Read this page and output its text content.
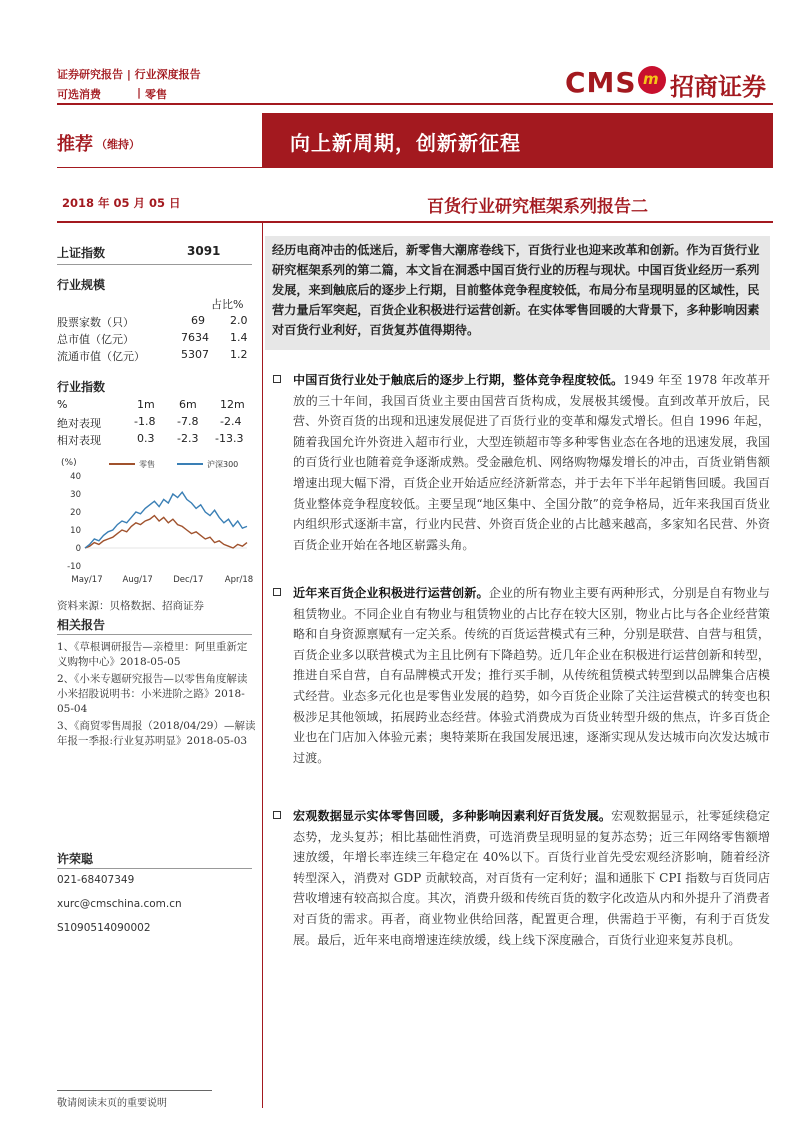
证券研究报告 | 行业深度报告
可选消费	| 零售	CMS m 招商证券
推荐 （维持）	向上新周期，创新新征程
2018 年 05 月 05 日	百货行业研究框架系列报告二
上证指数	3091
行业规模
占比%
股票家数（只）	69 2.0
总市值（亿元）	7634 1.4
流通市值（亿元）	5307 1.2
行业指数
%	1m 6m 12m
绝对表现	-1.8 -7.8 -2.4
相对表现	0.3 -2.3 -13.3
(%)	零售	沪深300
40
30
20
10
0
-10
May/17 Aug/17 Dec/17	Apr/18
资料来源：贝格数据、招商证券
相关报告
1、《草根调研报告—亲橙里：阿里重新定义购物中心》2018-05-05
2、《小米专题研究报告—以零售角度解读小米招股说明书：小米进阶之路》2018-05-04
3、《商贸零售周报（2018/04/29）—解读年报一季报:行业复苏明显》2018-05-03
许荣聪
021-68407349
xurc@cmschina.com.cn
S1090514090002
经历电商冲击的低迷后，新零售大潮席卷线下，百货行业也迎来改革和创新。作为百货行业研究框架系列的第二篇，本文旨在洞悉中国百货行业的历程与现状。中国百货业经历一系列发展，来到触底后的逐步上行期，目前整体竞争程度较低，布局分布呈现明显的区域性，民营力量后军突起，百货企业积极进行运营创新。在实体零售回暖的大背景下，多种影响因素对百货行业利好，百货复苏值得期待。

中国百货行业处于触底后的逐步上行期，整体竞争程度较低。1949 年至 1978 年改革开放的三十年间，我国百货业主要由国营百货构成，发展极其缓慢。直到改革开放后，民营、外资百货的出现和迅速发展促进了百货行业的变革和爆发式增长。但自 1996 年起，随着我国允许外资进入超市行业，大型连锁超市等多种零售业态在各地的迅速发展，我国的百货行业也随着竞争逐渐成熟。受金融危机、网络购物爆发增长的冲击，百货业销售额增速出现大幅下滑，百货企业开始适应经济新常态，并于去年下半年起销售回暖。我国百货业整体竞争程度较低。主要呈现“地区集中、全国分散”的竞争格局，近年来我国百货业内组织形式逐渐丰富，行业内民营、外资百货企业的占比越来越高，多家知名民营、外资百货企业开始在各地区崭露头角。

近年来百货企业积极进行运营创新。企业的所有物业主要有两种形式，分别是自有物业与租赁物业。不同企业自有物业与租赁物业的占比存在较大区别，物业占比与各企业经营策略和自身资源禀赋有一定关系。传统的百货运营模式有三种，分别是联营、自营与租赁，百货企业多以联营模式为主且比例有下降趋势。近几年企业在积极进行运营创新和转型，推进自采自营，自有品牌模式开发；推行买手制，从传统租赁模式转型到以品牌集合店模式经营。业态多元化也是零售业发展的趋势，如今百货企业除了关注运营模式的转变也积极涉足其他领域，拓展跨业态经营。体验式消费成为百货业转型升级的焦点，许多百货企业也在门店加入体验元素；奥特莱斯在我国发展迅速，逐渐实现从发达城市向次发达城市过渡。

宏观数据显示实体零售回暖，多种影响因素利好百货发展。宏观数据显示，社零延续稳定态势，龙头复苏；相比基础性消费，可选消费呈现明显的复苏态势；近三年网络零售额增速放缓，年增长率连续三年稳定在 40%以下。百货行业首先受宏观经济影响，随着经济转型深入，消费对 GDP 贡献较高，对百货有一定利好；温和通胀下 CPI 指数与百货同店营收增速有较高拟合度。其次，消费升级和传统百货的数字化改造从内和外提升了消费者对百货的需求。再者，商业物业供给回落，配置更合理，供需趋于平衡，有利于百货发展。最后，近年来电商增速连续放缓，线上线下深度融合，百货行业迎来复苏良机。

敬请阅读末页的重要说明
